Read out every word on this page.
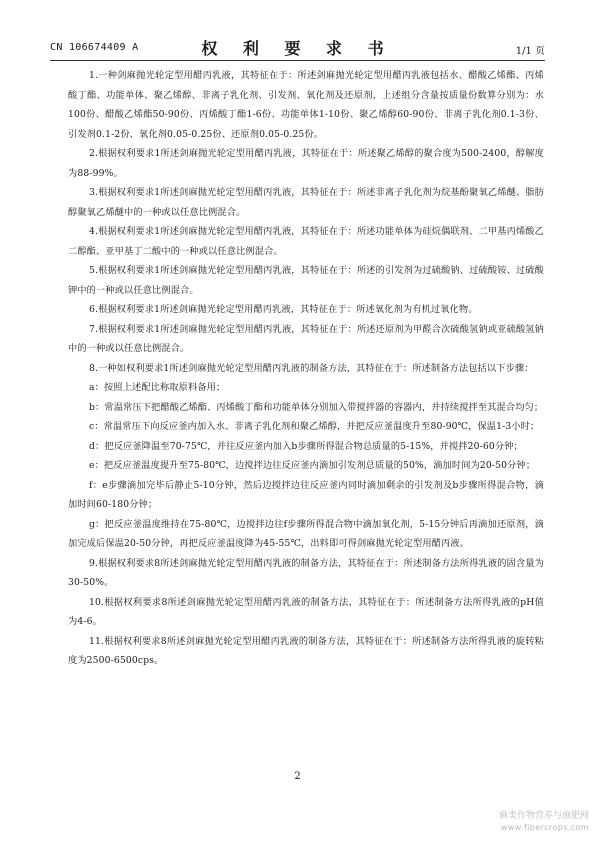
CN 106674409 A	权 利 要 求 书	1/1 页

1.一种剑麻抛光轮定型用醋丙乳液，其特征在于：所述剑麻抛光轮定型用醋丙乳液包括水、醋酸乙烯酯、丙烯酸丁酯、功能单体、聚乙烯醇、非离子乳化剂、引发剂、氧化剂及还原剂，上述组分含量按质量份数算分别为：水100份、醋酸乙烯酯50-90份、丙烯酸丁酯1-6份、功能单体1-10份、聚乙烯醇60-90份、非离子乳化剂0.1-3份、引发剂0.1-2份、氧化剂0.05-0.25份、还原剂0.05-0.25份。

2.根据权利要求1所述剑麻抛光轮定型用醋丙乳液，其特征在于：所述聚乙烯醇的聚合度为500-2400，醇解度为88-99%。

3.根据权利要求1所述剑麻抛光轮定型用醋丙乳液，其特征在于：所述非离子乳化剂为烷基酚聚氧乙烯醚、脂肪醇聚氧乙烯醚中的一种或以任意比例混合。

4.根据权利要求1所述剑麻抛光轮定型用醋丙乳液，其特征在于：所述功能单体为硅烷偶联剂、二甲基丙烯酸乙二醇酯、亚甲基丁二酸中的一种或以任意比例混合。

5.根据权利要求1所述剑麻抛光轮定型用醋丙乳液，其特征在于：所述的引发剂为过硫酸钠、过硫酸铵、过硫酸钾中的一种或以任意比例混合。

6.根据权利要求1所述剑麻抛光轮定型用醋丙乳液，其特征在于：所述氧化剂为有机过氧化物。

7.根据权利要求1所述剑麻抛光轮定型用醋丙乳液，其特征在于：所述还原剂为甲醛合次硫酸氢钠或亚硫酸氢钠中的一种或以任意比例混合。

8.一种如权利要求1所述剑麻抛光轮定型用醋丙乳液的制备方法，其特征在于：所述制备方法包括以下步骤：

a：按照上述配比称取原料备用；

b：常温常压下把醋酸乙烯酯、丙烯酸丁酯和功能单体分别加入带搅拌器的容器内，并持续搅拌至其混合均匀；

c：常温常压下向反应釜内加入水、非离子乳化剂和聚乙烯醇，并把反应釜温度升至80-90℃，保温1-3小时；

d：把反应釜降温至70-75℃，并往反应釜内加入b步骤所得混合物总质量的5-15%，并搅拌20-60分钟；

e：把反应釜温度提升至75-80℃，边搅拌边往反应釜内滴加引发剂总质量的50%，滴加时间为20-50分钟；

f：e步骤滴加完毕后静止5-10分钟，然后边搅拌边往反应釜内同时滴加剩余的引发剂及b步骤所得混合物，滴加时间60-180分钟；

g：把反应釜温度维持在75-80℃，边搅拌边往f步骤所得混合物中滴加氧化剂，5-15分钟后再滴加还原剂，滴加完成后保温20-50分钟，再把反应釜温度降为45-55℃，出料即可得剑麻抛光轮定型用醋丙液。

9.根据权利要求8所述剑麻抛光轮定型用醋丙乳液的制备方法，其特征在于：所述制备方法所得乳液的固含量为30-50%。

10.根据权利要求8所述剑麻抛光轮定型用醋丙乳液的制备方法，其特征在于：所述制备方法所得乳液的pH值为4-6。

11.根据权利要求8所述剑麻抛光轮定型用醋丙乳液的制备方法，其特征在于：所述制备方法所得乳液的旋转粘度为2500-6500cps。

2
麻类作物营养与施肥网
www.fibercrops.com
